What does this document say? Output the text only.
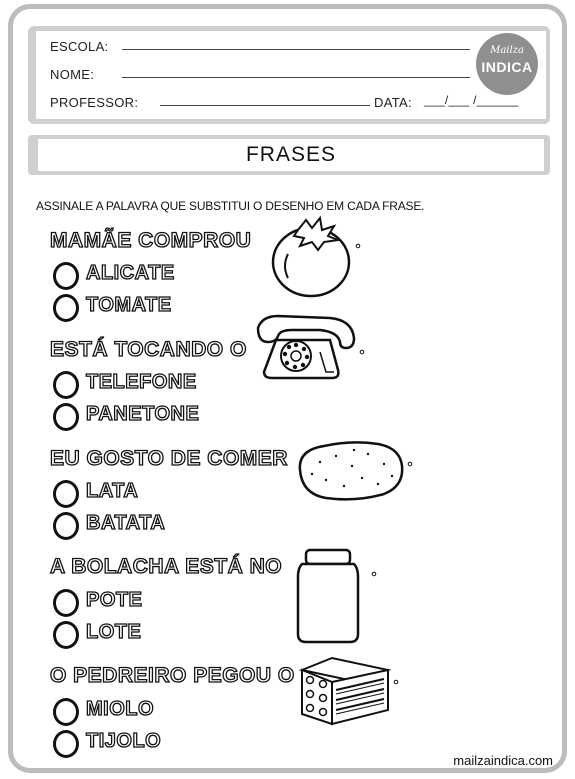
ESCOLA:
NOME:
PROFESSOR:	DATA: ___/___ /______
Mailza
INDICA
FRASES
ASSINALE A PALAVRA QUE SUBSTITUI O DESENHO EM CADA FRASE.
MAMÃE COMPROU
ALICATE
TOMATE
ESTÁ TOCANDO O
TELEFONE
PANETONE
EU GOSTO DE COMER
LATA
BATATA
A BOLACHA ESTÁ NO
POTE
LOTE
O PEDREIRO PEGOU O
MIOLO
TIJOLO
mailzaindica.com
